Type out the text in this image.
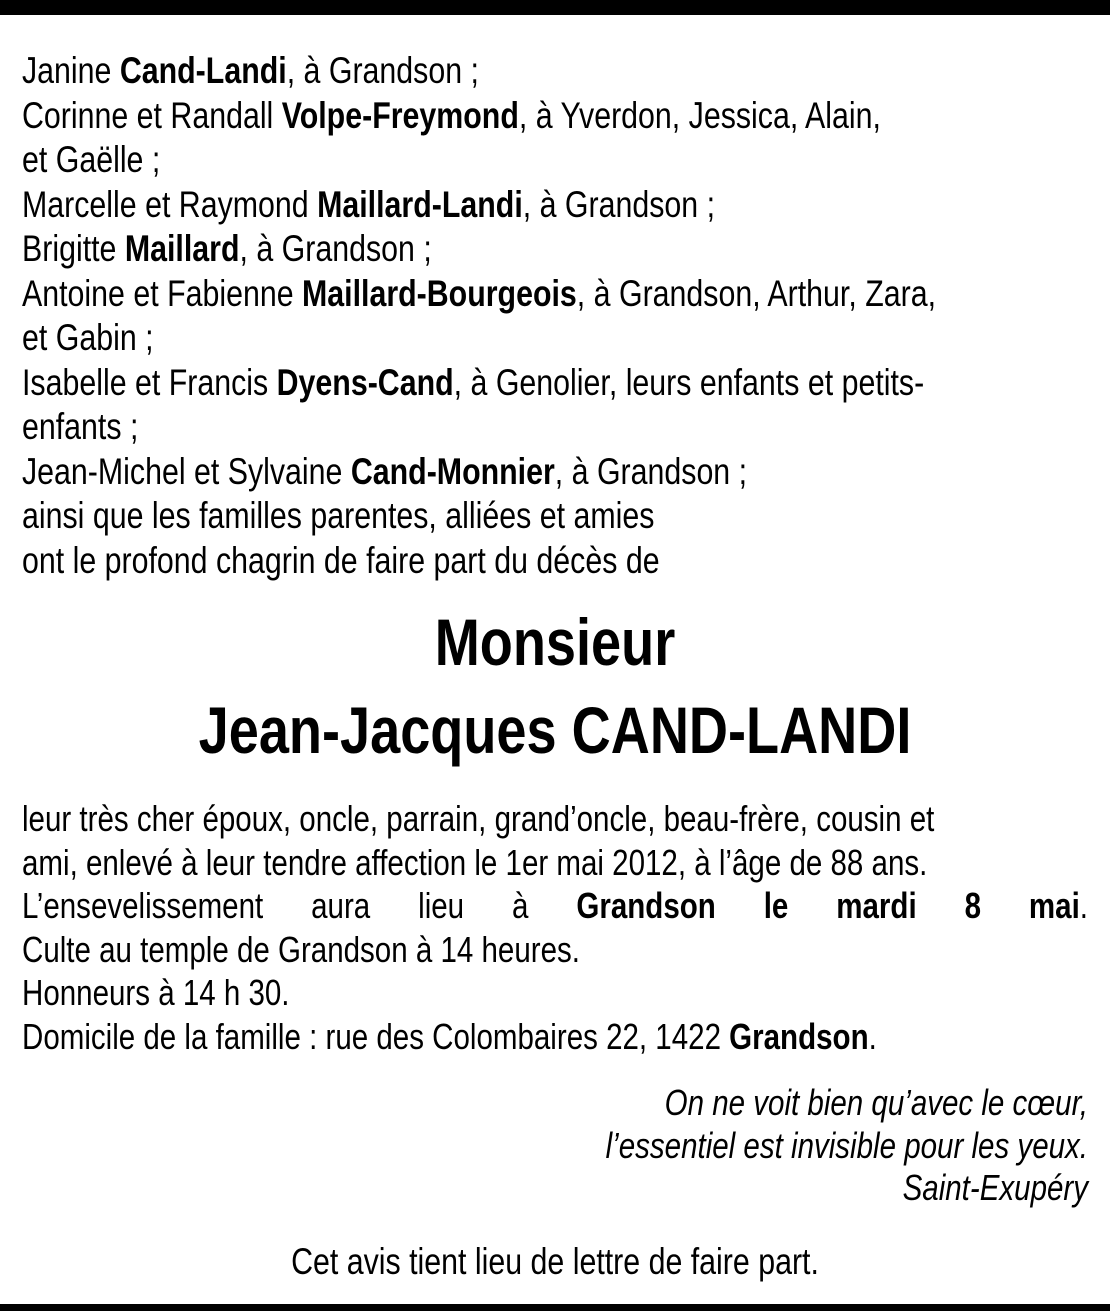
Janine Cand-Landi, à Grandson ;
Corinne et Randall Volpe-Freymond, à Yverdon, Jessica, Alain,
et Gaëlle ;
Marcelle et Raymond Maillard-Landi, à Grandson ;
Brigitte Maillard, à Grandson ;
Antoine et Fabienne Maillard-Bourgeois, à Grandson, Arthur, Zara,
et Gabin ;
Isabelle et Francis Dyens-Cand, à Genolier, leurs enfants et petits-
enfants ;
Jean-Michel et Sylvaine Cand-Monnier, à Grandson ;
ainsi que les familles parentes, alliées et amies
ont le profond chagrin de faire part du décès de
Monsieur
Jean-Jacques CAND-LANDI
leur très cher époux, oncle, parrain, grand’oncle, beau-frère, cousin et
ami, enlevé à leur tendre affection le 1er mai 2012, à l’âge de 88 ans.
L’ensevelissement aura lieu à Grandson le mardi 8 mai.
Culte au temple de Grandson à 14 heures.
Honneurs à 14 h 30.
Domicile de la famille : rue des Colombaires 22, 1422 Grandson.
On ne voit bien qu’avec le cœur,
l’essentiel est invisible pour les yeux.
Saint-Exupéry
Cet avis tient lieu de lettre de faire part.
